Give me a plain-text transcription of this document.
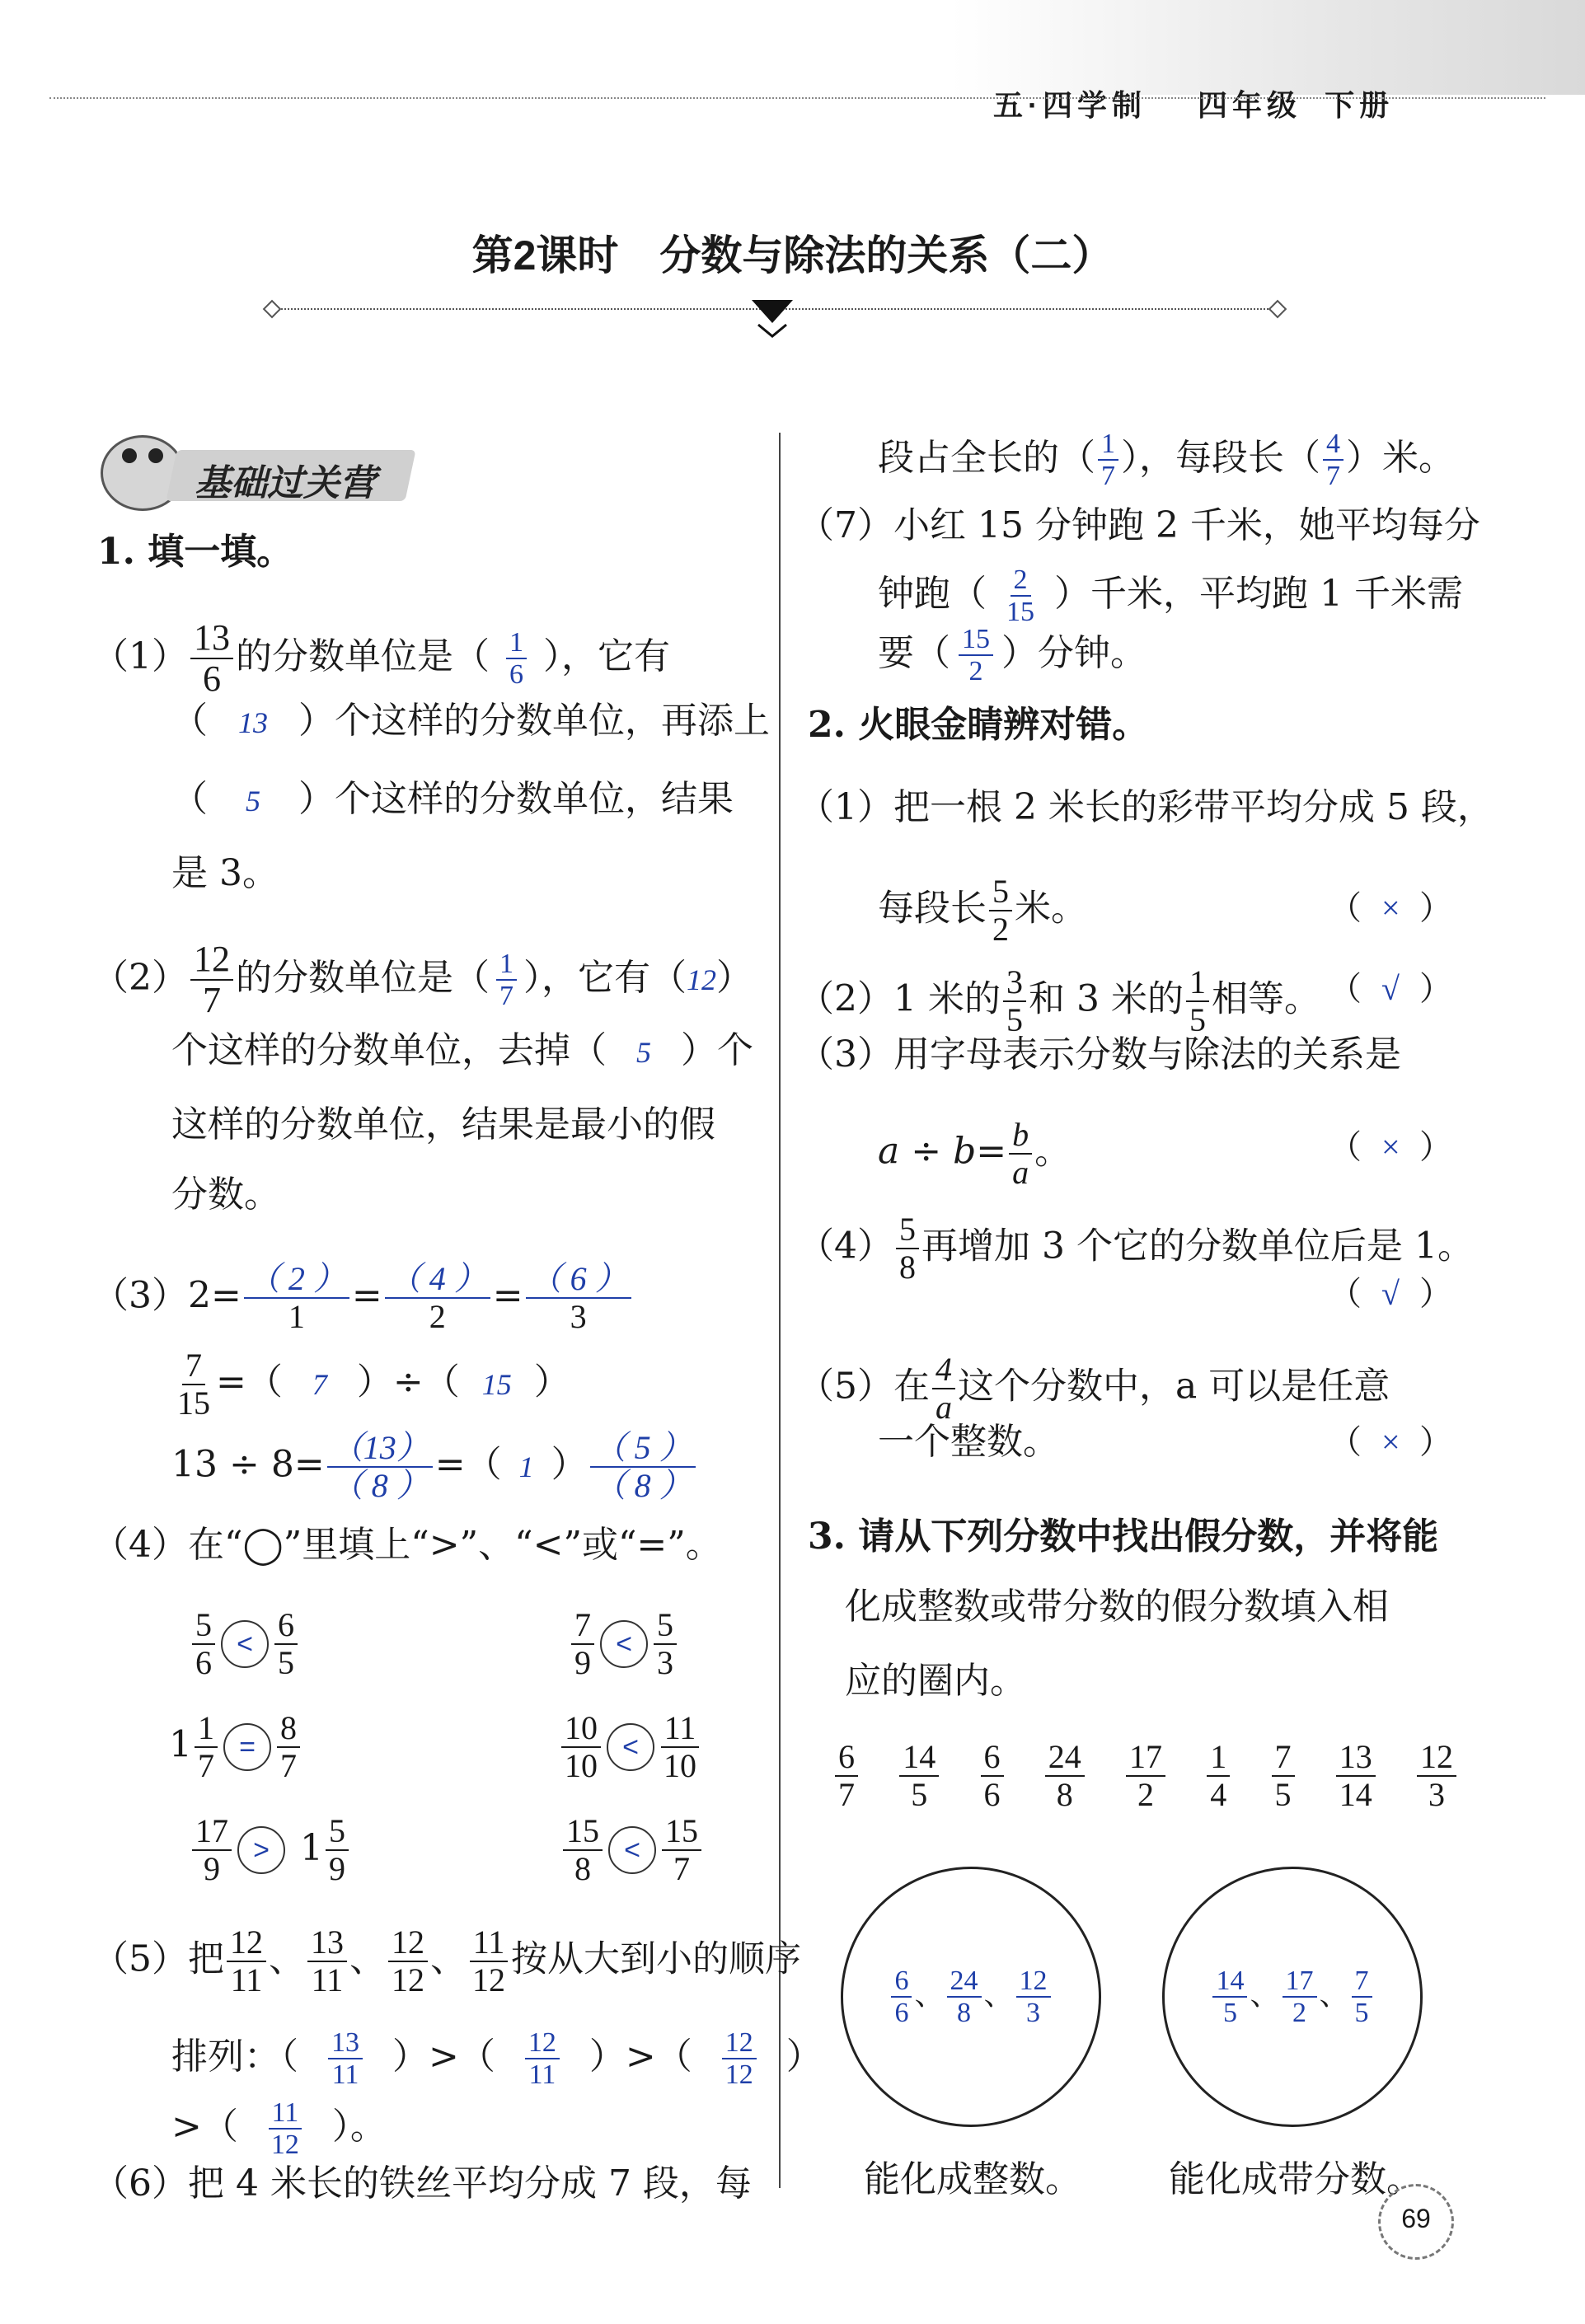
五·四学制 四年级 下册
第2课时　分数与除法的关系（二）
基础过关营
1. 填一填。
$(1) \frac{13}{6}$ 的分数单位是（ $\frac{1}{6}$ ），它有
（ 13 ）个这样的分数单位，再添上
（ 5 ）个这样的分数单位，结果
是 3。
$(2) \frac{12}{7}$ 的分数单位是（ $\frac{1}{7}$ ），它有（12）
个这样的分数单位，去掉（ 5 ）个
这样的分数单位，结果是最小的假
分数。
$(3)2= \frac{( 2 )}{1} = \frac{( 4 )}{2} = \frac{( 6 )}{3}$
$\frac{7}{15}$ =（ 7 ）÷（ 15 ）
$13 \div 8= \frac{(13)}{( 8 )}$ =（ 1 ） $\frac{( 5 )}{( 8 )}$
（4）在“◯”里填上“>”、“<”或“=”。
$\frac{5}{6} < \frac{6}{5}$	$\frac{7}{9} < \frac{5}{3}$
$1 \frac{1}{7} = \frac{8}{7}$	$\frac{10}{10} < \frac{11}{10}$
$\frac{17}{9} > 1 \frac{5}{9}$	$\frac{15}{8} < \frac{15}{7}$
（5）把 $\frac{12}{11}$ 、 $\frac{13}{11}$ 、 $\frac{12}{12}$ 、 $\frac{11}{12}$ 按从大到小的顺序
排列：（ $\frac{13}{11}$ ）>（ $\frac{12}{11}$ ）>（ $\frac{12}{12}$ ）
>（ $\frac{11}{12}$ ）。
（6）把 4 米长的铁丝平均分成 7 段，每
段占全长的（ $\frac{1}{7}$ ），每段长（ $\frac{4}{7}$ ）米。
（7）小红 15 分钟跑 2 千米，她平均每分
钟跑（ $\frac{2}{15}$ ）千米，平均跑 1 千米需
要（ $\frac{15}{2}$ ）分钟。
2. 火眼金睛辨对错。
（1）把一根 2 米长的彩带平均分成 5 段，
每段长 $\frac{5}{2}$ 米。	（ × ）
（2）1 米的 $\frac{3}{5}$ 和 3 米的 $\frac{1}{5}$ 相等。 （ √ ）
（3）用字母表示分数与除法的关系是
$a \div b= \frac{b}{a}$ 。	（ × ）
$(4) \frac{5}{8}$ 再增加 3 个它的分数单位后是 1。
（ √ ）
（5）在 $\frac{4}{a}$ 这个分数中，a 可以是任意
一个整数。	（ × ）
3. 请从下列分数中找出假分数，并将能
化成整数或带分数的假分数填入相
应的圈内。
6
7
14
5
6
6
24
8
17
2
1
4
7
5
13
14
12
3
$\frac{6}{6}$ 、 $\frac{24}{8}$ 、 $\frac{12}{3}$
能化成整数。
$\frac{14}{5}$ 、 $\frac{17}{2}$ 、 $\frac{7}{5}$
能化成带分数。
69
